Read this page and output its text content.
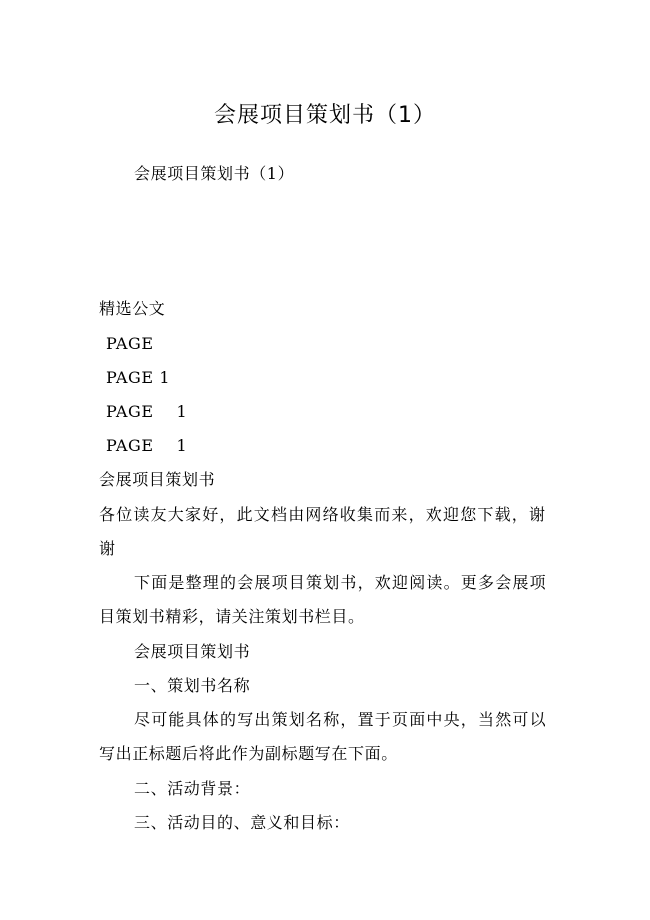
会展项目策划书（1）
会展项目策划书（1）
精选公文
PAGE
PAGE 1
PAGE    1
PAGE    1
会展项目策划书
各位读友大家好，此文档由网络收集而来，欢迎您下载，谢
谢
下面是整理的会展项目策划书，欢迎阅读。更多会展项
目策划书精彩，请关注策划书栏目。
会展项目策划书
一、策划书名称
尽可能具体的写出策划名称，置于页面中央，当然可以
写出正标题后将此作为副标题写在下面。
二、活动背景：
三、活动目的、意义和目标：
